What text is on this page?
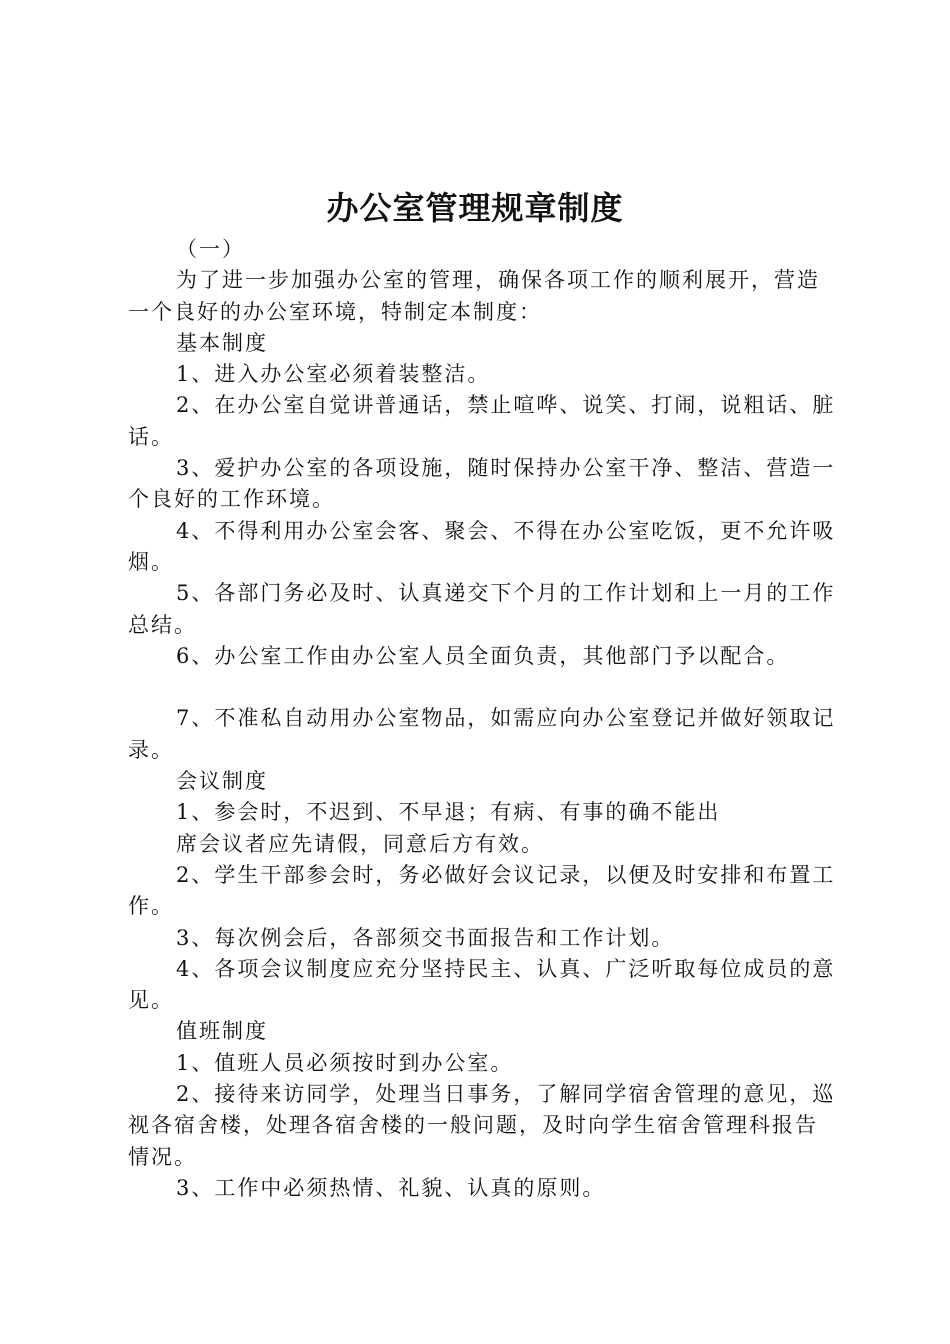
办公室管理规章制度

（一）

为了进一步加强办公室的管理，确保各项工作的顺利展开，营造一个良好的办公室环境，特制定本制度：

基本制度

1、进入办公室必须着装整洁。

2、在办公室自觉讲普通话，禁止喧哗、说笑、打闹，说粗话、脏话。

3、爱护办公室的各项设施，随时保持办公室干净、整洁、营造一个良好的工作环境。

4、不得利用办公室会客、聚会、不得在办公室吃饭，更不允许吸烟。

5、各部门务必及时、认真递交下个月的工作计划和上一月的工作总结。

6、办公室工作由办公室人员全面负责，其他部门予以配合。

7、不准私自动用办公室物品，如需应向办公室登记并做好领取记录。

会议制度

1、参会时，不迟到、不早退；有病、有事的确不能出

席会议者应先请假，同意后方有效。

2、学生干部参会时，务必做好会议记录，以便及时安排和布置工作。

3、每次例会后，各部须交书面报告和工作计划。

4、各项会议制度应充分坚持民主、认真、广泛听取每位成员的意见。

值班制度

1、值班人员必须按时到办公室。

2、接待来访同学，处理当日事务，了解同学宿舍管理的意见，巡视各宿舍楼，处理各宿舍楼的一般问题，及时向学生宿舍管理科报告情况。

3、工作中必须热情、礼貌、认真的原则。
